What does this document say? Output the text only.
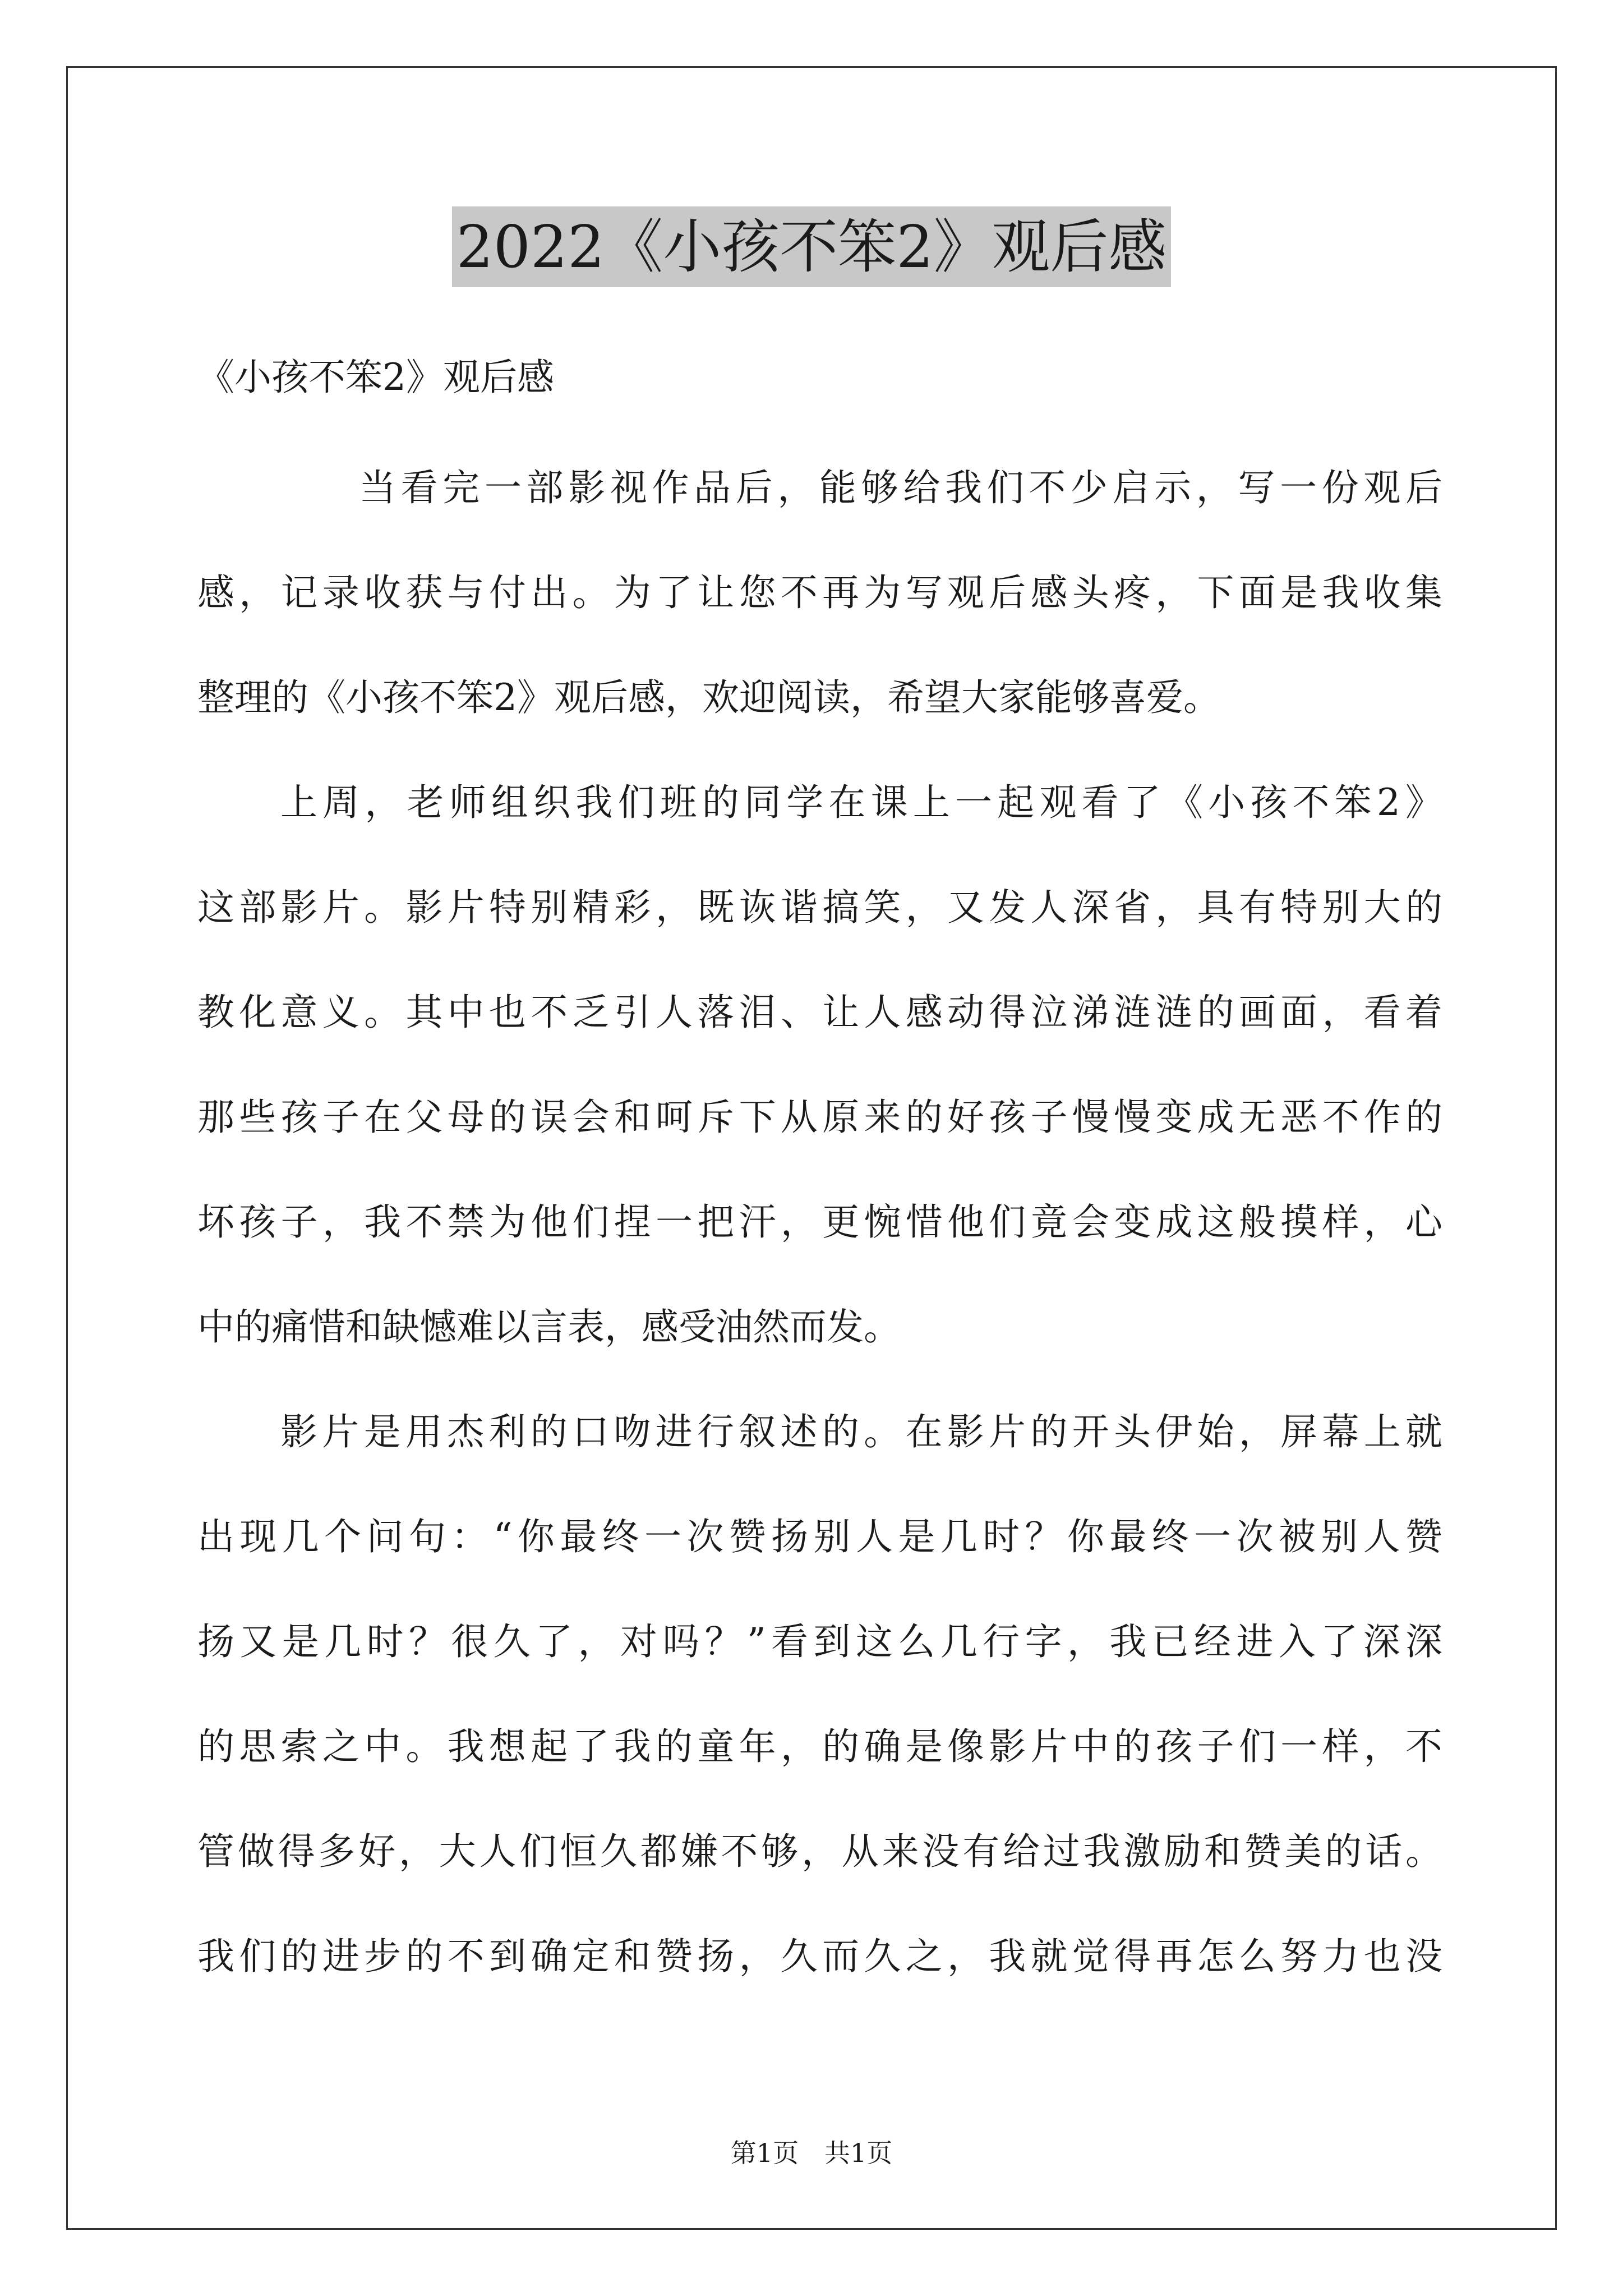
2022《小孩不笨2》观后感
《小孩不笨2》观后感
当看完一部影视作品后，能够给我们不少启示，写一份观后
感，记录收获与付出。为了让您不再为写观后感头疼，下面是我收集
整理的《小孩不笨2》观后感，欢迎阅读，希望大家能够喜爱。
上周，老师组织我们班的同学在课上一起观看了《小孩不笨2》
这部影片。影片特别精彩，既诙谐搞笑，又发人深省，具有特别大的
教化意义。其中也不乏引人落泪、让人感动得泣涕涟涟的画面，看着
那些孩子在父母的误会和呵斥下从原来的好孩子慢慢变成无恶不作的
坏孩子，我不禁为他们捏一把汗，更惋惜他们竟会变成这般摸样，心
中的痛惜和缺憾难以言表，感受油然而发。
影片是用杰利的口吻进行叙述的。在影片的开头伊始，屏幕上就
出现几个问句：“你最终一次赞扬别人是几时？你最终一次被别人赞
扬又是几时？很久了，对吗？”看到这么几行字，我已经进入了深深
的思索之中。我想起了我的童年，的确是像影片中的孩子们一样，不
管做得多好，大人们恒久都嫌不够，从来没有给过我激励和赞美的话。
我们的进步的不到确定和赞扬，久而久之，我就觉得再怎么努力也没
第1页　共1页
